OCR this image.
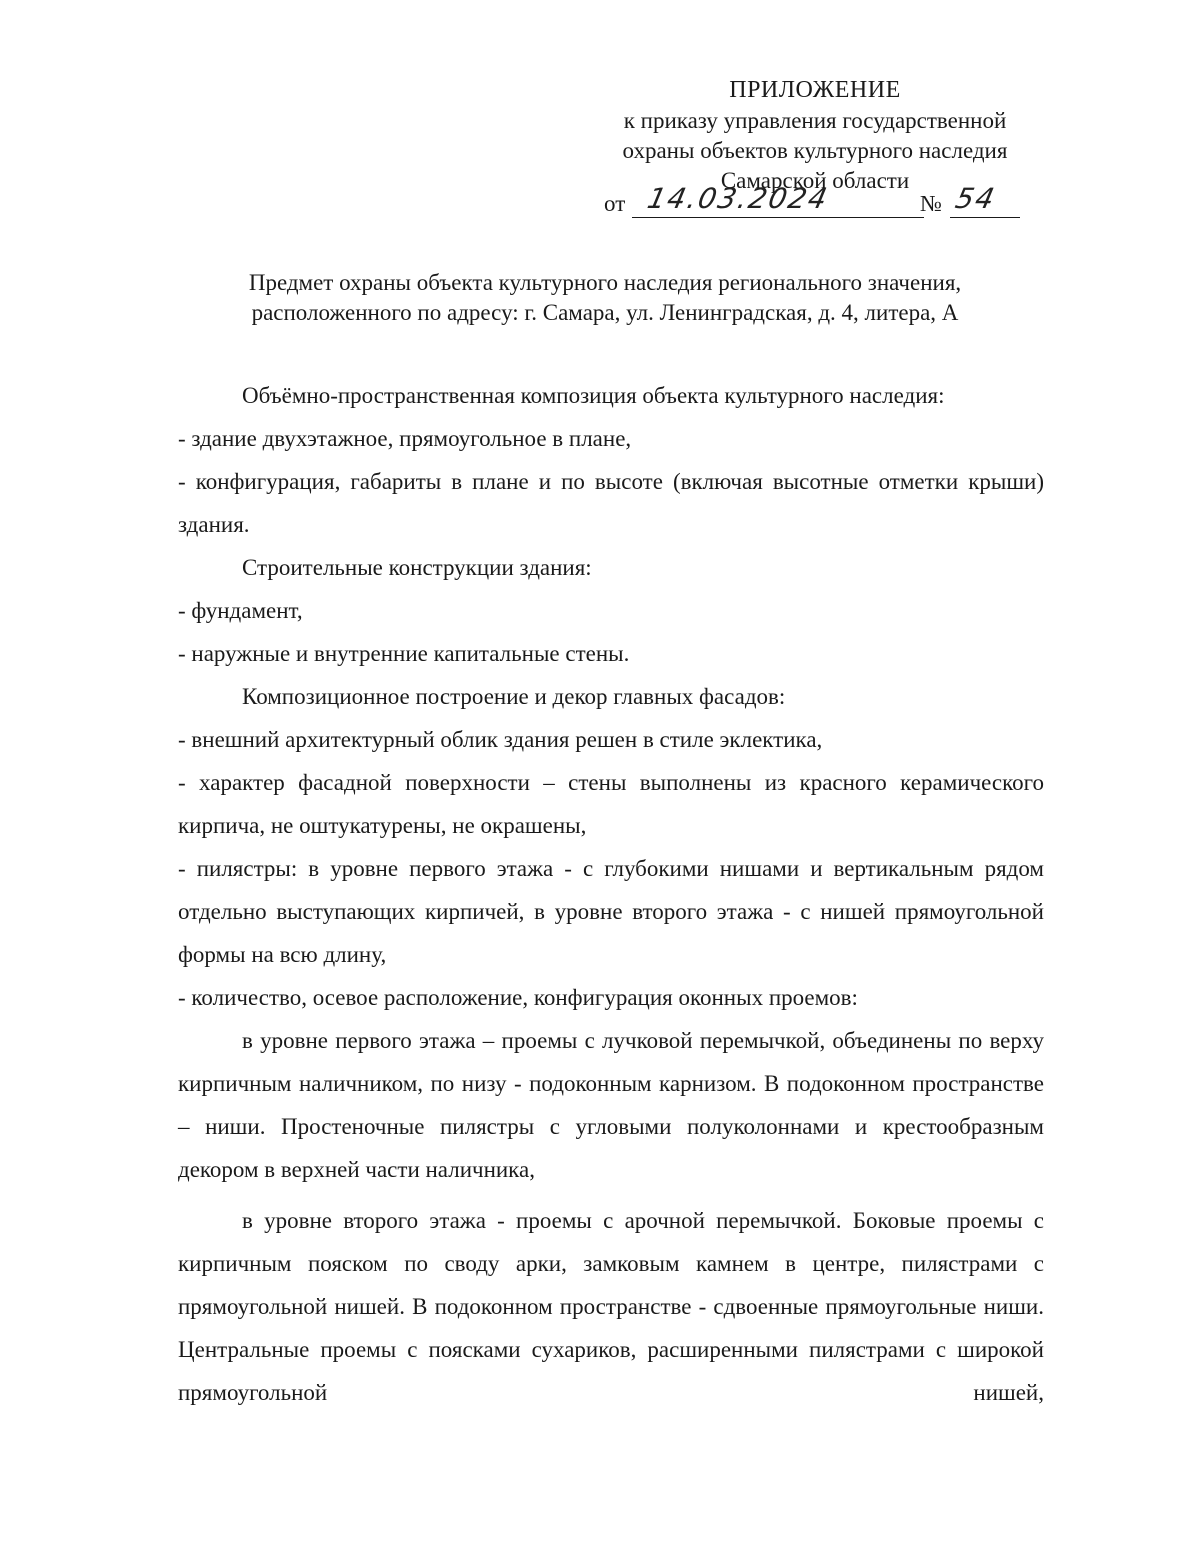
ПРИЛОЖЕНИЕ
к приказу управления государственной
охраны объектов культурного наследия
Самарской области
от 14.03.2024	№ 54
Предмет охраны объекта культурного наследия регионального значения,
расположенного по адресу: г. Самара, ул. Ленинградская, д. 4, литера, А

Объёмно-пространственная композиция объекта культурного наследия:

- здание двухэтажное, прямоугольное в плане,

- конфигурация, габариты в плане и по высоте (включая высотные отметки крыши) здания.

Строительные конструкции здания:

- фундамент,

- наружные и внутренние капитальные стены.

Композиционное построение и декор главных фасадов:

- внешний архитектурный облик здания решен в стиле эклектика,

- характер фасадной поверхности – стены выполнены из красного керамического кирпича, не оштукатурены, не окрашены,

- пилястры: в уровне первого этажа - с глубокими нишами и вертикальным рядом отдельно выступающих кирпичей, в уровне второго этажа - с нишей прямоугольной формы на всю длину,

- количество, осевое расположение, конфигурация оконных проемов:

в уровне первого этажа – проемы с лучковой перемычкой, объединены по верху кирпичным наличником, по низу - подоконным карнизом. В подоконном пространстве – ниши. Простеночные пилястры с угловыми полуколоннами и крестообразным декором в верхней части наличника,

в уровне второго этажа - проемы с арочной перемычкой. Боковые проемы с кирпичным пояском по своду арки, замковым камнем в центре, пилястрами с прямоугольной нишей. В подоконном пространстве - сдвоенные прямоугольные ниши. Центральные проемы с поясками сухариков, расширенными пилястрами с широкой прямоугольной нишей,
